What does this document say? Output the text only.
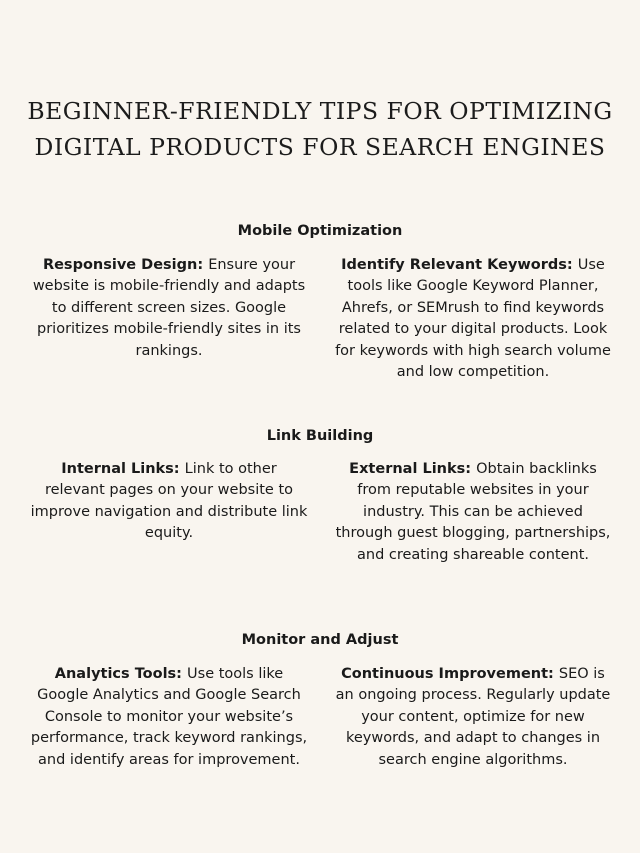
BEGINNER-FRIENDLY TIPS FOR OPTIMIZING
DIGITAL PRODUCTS FOR SEARCH ENGINES
Mobile Optimization

Responsive Design: Ensure your website is mobile-friendly and adapts to different screen sizes. Google prioritizes mobile-friendly sites in its rankings.

Identify Relevant Keywords: Use tools like Google Keyword Planner, Ahrefs, or SEMrush to find keywords related to your digital products. Look for keywords with high search volume and low competition.

Link Building

Internal Links: Link to other relevant pages on your website to improve navigation and distribute link equity.

External Links: Obtain backlinks from reputable websites in your industry. This can be achieved through guest blogging, partnerships, and creating shareable content.

Monitor and Adjust

Analytics Tools: Use tools like Google Analytics and Google Search Console to monitor your website’s performance, track keyword rankings, and identify areas for improvement.

Continuous Improvement: SEO is an ongoing process. Regularly update your content, optimize for new keywords, and adapt to changes in search engine algorithms.
